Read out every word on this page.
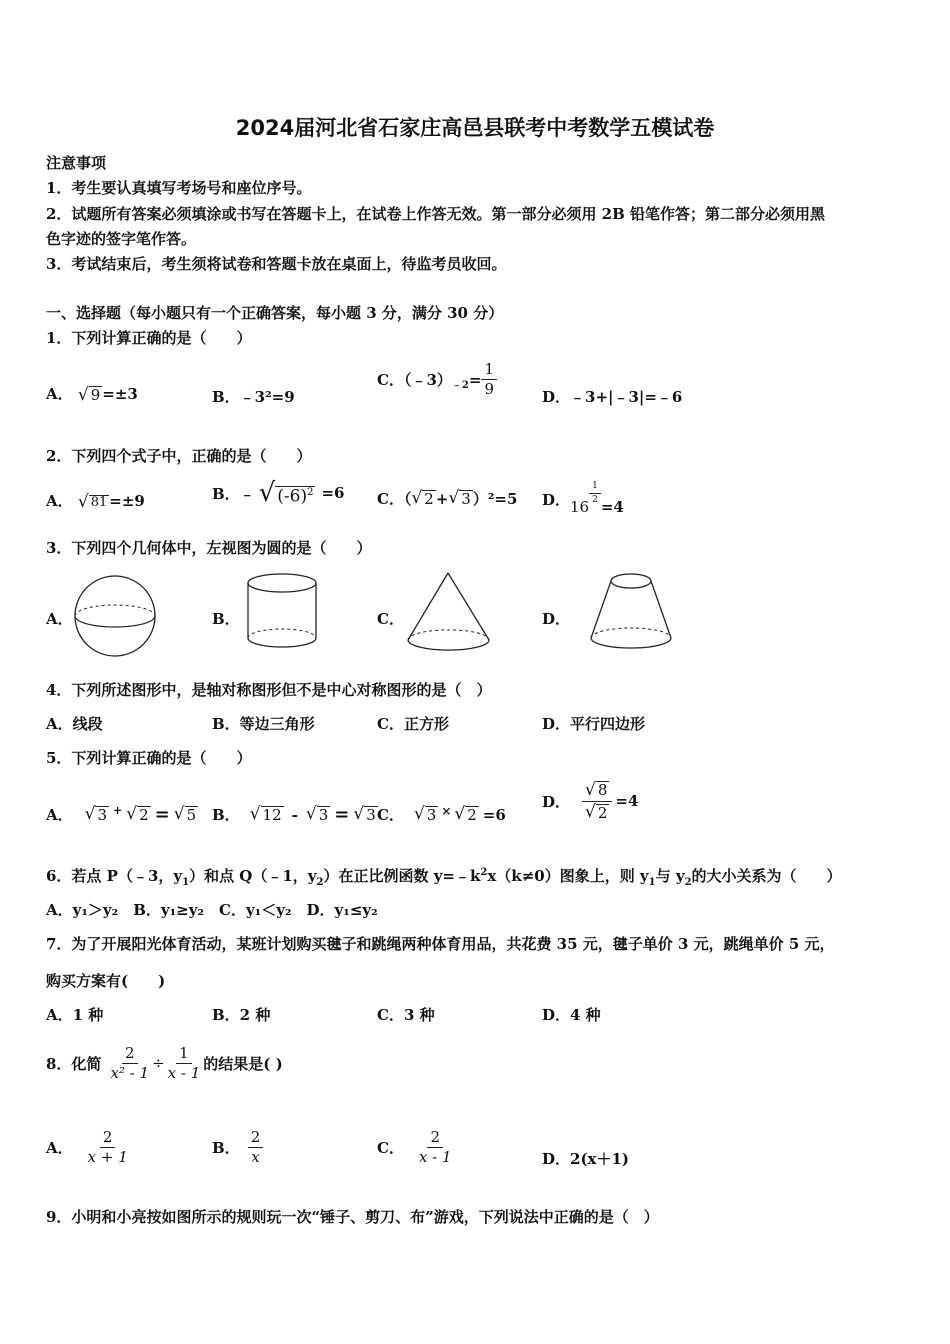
2024届河北省石家庄高邑县联考中考数学五模试卷
注意事项
1．考生要认真填写考场号和座位序号。
2．试题所有答案必须填涂或书写在答题卡上，在试卷上作答无效。第一部分必须用 2B 铅笔作答；第二部分必须用黑
色字迹的签字笔作答。
3．考试结束后，考生须将试卷和答题卡放在桌面上，待监考员收回。
一、选择题（每小题只有一个正确答案，每小题 3 分，满分 30 分）
1．下列计算正确的是（　　）
A． √ 9 =±3	B．﹣3²=9
C．（﹣3） ﹣2 = $\frac{1}{9}$	D．﹣3+|﹣3|=﹣6
2．下列四个式子中，正确的是（　　）
A． √ 81 =±9	B．﹣ √ $(-6)^2 =6$ C．（ √ 2 + √ 3 ）²=5 D． 16
$\frac{1}{2}$
=4
3．下列四个几何体中，左视图为圆的是（　　）
A．	B．	C．	D．
4．下列所述图形中，是轴对称图形但不是中心对称图形的是（　）
A．线段	B．等边三角形	C．正方形	D．平行四边形
5．下列计算正确的是（　　）
A． √ 3 + √ 2 = √ 5 B． √ 12 - √ 3 = √ 3 C． √ 3 × √ 2 =6
D． $\frac{√ 8}{√ 2} =4$
6．若点 P（﹣3，$y_1$）和点 Q（﹣1，$y_2$）在正比例函数 $y=﹣k^2x(k\ne 0)$图象上，则 $y_1$与 $y_2$的大小关系为（　　）
A．y₁＞y₂　B．y₁≥y₂　C．y₁＜y₂　D．y₁≤y₂
7．为了开展阳光体育活动，某班计划购买毽子和跳绳两种体育用品，共花费 35 元，毽子单价 3 元，跳绳单价 5 元，
购买方案有(　　)
A．1 种	B．2 种	C．3 种	D．4 种
8．化简 $\frac{2}{\text{x² - 1}} \div \frac{1}{x - 1}$ 的结果是( )
A． $\frac{2}{x + 1}$	B． $\frac{2}{x}$	C． $\frac{2}{x - 1}$	D．2(x＋1)
9．小明和小亮按如图所示的规则玩一次“锤子、剪刀、布”游戏，下列说法中正确的是（　）
